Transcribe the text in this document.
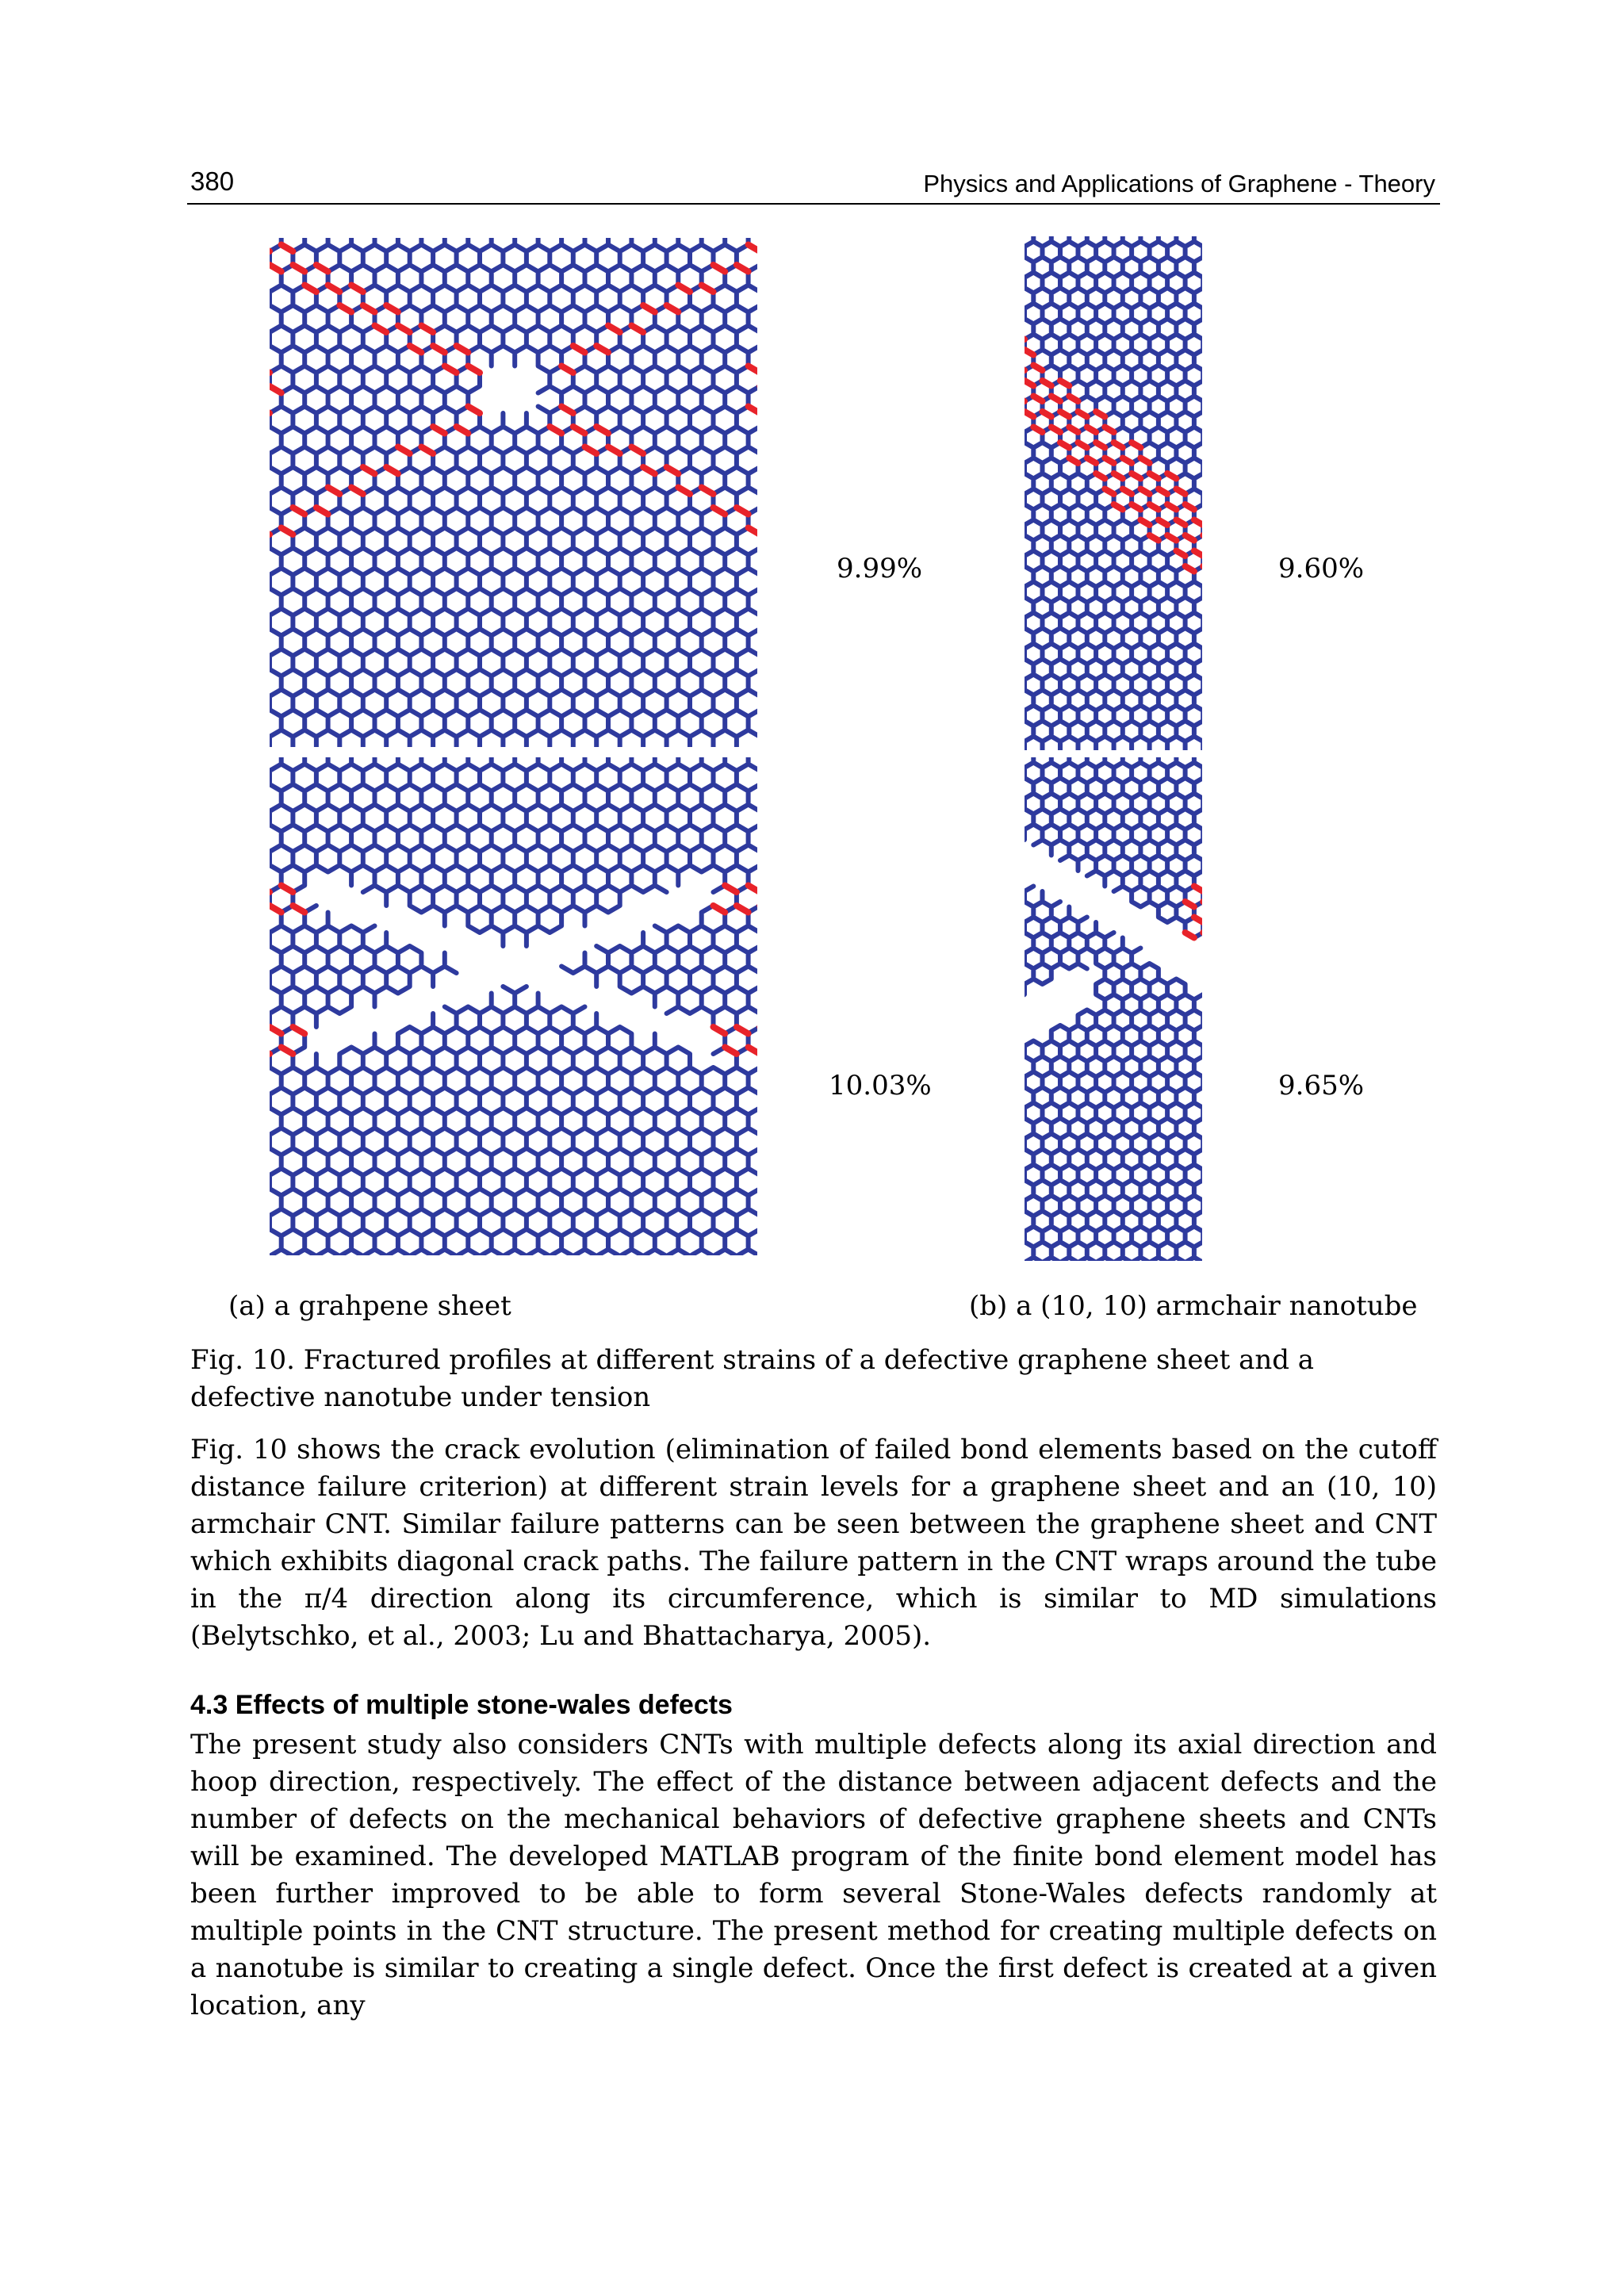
380	Physics and Applications of Graphene - Theory
9.99%
10.03%
9.60%
9.65%
(a) a grahpene sheet	(b) a (10, 10) armchair nanotube
Fig. 10. Fractured profiles at different strains of a defective graphene sheet and a defective nanotube under tension
Fig. 10 shows the crack evolution (elimination of failed bond elements based on the cutoff distance failure criterion) at different strain levels for a graphene sheet and an (10, 10) armchair CNT. Similar failure patterns can be seen between the graphene sheet and CNT which exhibits diagonal crack paths. The failure pattern in the CNT wraps around the tube in the π/4 direction along its circumference, which is similar to MD simulations (Belytschko, et al., 2003; Lu and Bhattacharya, 2005).
4.3 Effects of multiple stone-wales defects
The present study also considers CNTs with multiple defects along its axial direction and hoop direction, respectively. The effect of the distance between adjacent defects and the number of defects on the mechanical behaviors of defective graphene sheets and CNTs will be examined. The developed MATLAB program of the finite bond element model has been further improved to be able to form several Stone-Wales defects randomly at multiple points in the CNT structure. The present method for creating multiple defects on a nanotube is similar to creating a single defect. Once the first defect is created at a given location, any
